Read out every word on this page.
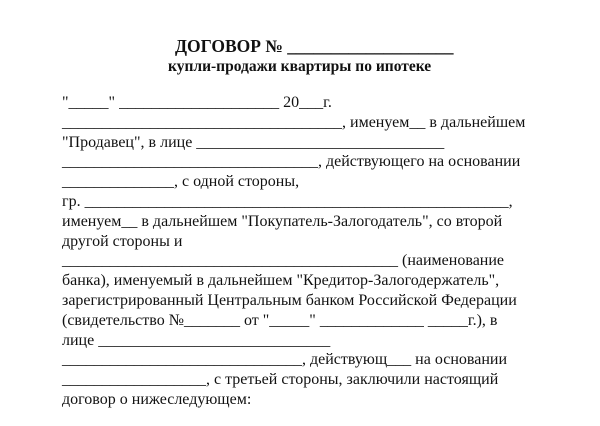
ДОГОВОР № ___________________
купли-продажи квартиры по ипотеке
"_____" ____________________ 20___г.
___________________________________, именуем__ в дальнейшем
"Продавец", в лице _______________________________
________________________________, действующего на основании
______________, с одной стороны,
гр. _____________________________________________________,
именуем__ в дальнейшем "Покупатель-Залогодатель", со второй
другой стороны и
__________________________________________ (наименование
банка), именуемый в дальнейшем "Кредитор-Залогодержатель",
зарегистрированный Центральным банком Российской Федерации
(свидетельство №_______ от "_____" _____________ _____г.), в
лице _____________________________
______________________________, действующ___ на основании
__________________, с третьей стороны, заключили настоящий
договор о нижеследующем:
